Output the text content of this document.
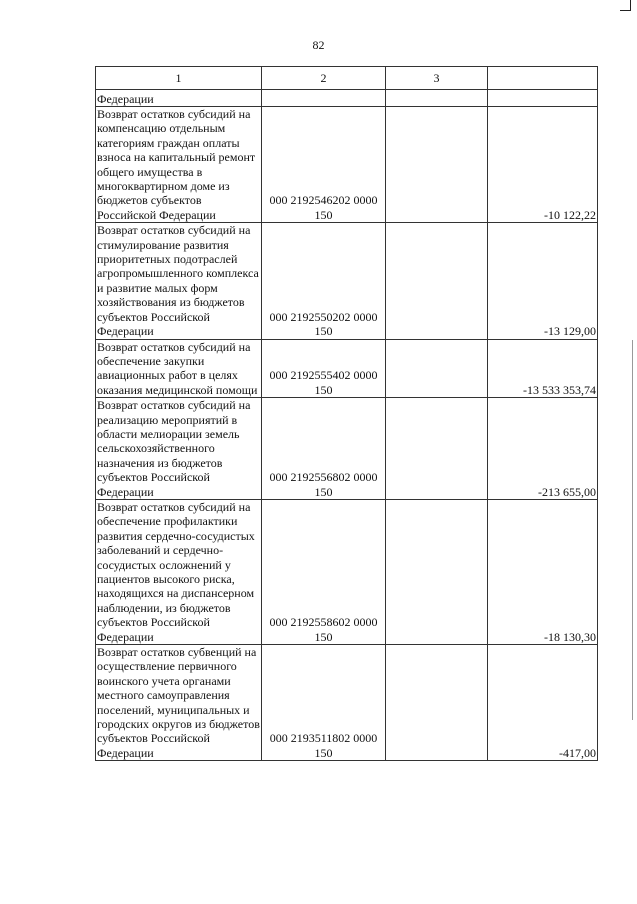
82
1	2	3	
Федерации			
Возврат остатков субсидий на компенсацию отдельным категориям граждан оплаты взноса на капитальный ремонт общего имущества в многоквартирном доме из бюджетов субъектов Российской Федерации	000 2192546202 0000 150		-10 122,22
Возврат остатков субсидий на стимулирование развития приоритетных подотраслей агропромышленного комплекса и развитие малых форм хозяйствования из бюджетов субъектов Российской Федерации	000 2192550202 0000 150		-13 129,00
Возврат остатков субсидий на обеспечение закупки авиационных работ в целях оказания медицинской помощи	000 2192555402 0000 150		-13 533 353,74
Возврат остатков субсидий на реализацию мероприятий в области мелиорации земель сельскохозяйственного назначения из бюджетов субъектов Российской Федерации	000 2192556802 0000 150		-213 655,00
Возврат остатков субсидий на обеспечение профилактики развития сердечно-сосудистых заболеваний и сердечно-сосудистых осложнений у пациентов высокого риска, находящихся на диспансерном наблюдении, из бюджетов субъектов Российской Федерации	000 2192558602 0000 150		-18 130,30
Возврат остатков субвенций на осуществление первичного воинского учета органами местного самоуправления поселений, муниципальных и городских округов из бюджетов субъектов Российской Федерации	000 2193511802 0000 150		-417,00
